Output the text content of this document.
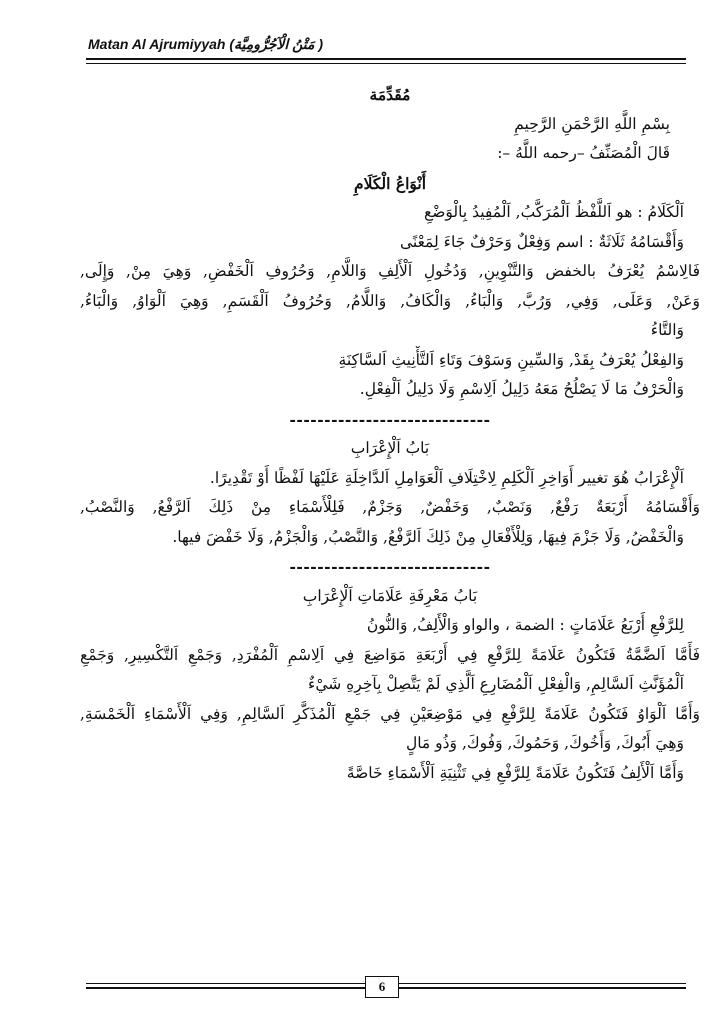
Matan Al Ajrumiyyah (مَتْنُ الْآجُرُّومِيَّة )
مُقَدِّمَة
بِسْمِ اللَّهِ الرَّحْمَنِ الرَّحِيمِ
قَالَ الْمُصَنِّفُ –رحمه اللَّهُ –:
أَنْوَاعُ الْكَلَامِ
اَلْكَلَامُ : هو اَللَّفْظُ اَلْمُرَكَّبُ, اَلْمُفِيدُ بِالْوَضْعِ
وَأَقْسَامُهُ ثَلَاثَةٌ : اسم وَفِعْلٌ وَحَرْفٌ جَاءَ لِمَعْنًى
فَالِاسْمُ يُعْرَفُ بالخفض وَالتَّنْوِينِ, وَدُخُولِ اَلْأَلِفِ وَاللَّامِ, وَحُرُوفِ اَلْخَفْضِ, وَهِيَ مِنْ, وَإِلَى,
وَعَنْ, وَعَلَى, وَفِي, وَرُبَّ, وَالْبَاءُ, وَالْكَافُ, وَاللَّامُ, وَحُرُوفُ اَلْقَسَمِ, وَهِيَ اَلْوَاوُ, وَالْبَاءُ,
وَالتَّاءُ
وَالفِعْلُ يُعْرَفُ بِقَدْ, وَالسِّينِ وَسَوْفَ وَتَاءِ اَلتَّأْنِيثِ اَلسَّاكِنَةِ
وَالْحَرْفُ مَا لَا يَصْلُحُ مَعَهُ دَلِيلُ اَلِاسْمِ وَلَا دَلِيلُ اَلْفِعْلِ.
-----------------------------
بَابُ اَلْإِعْرَابِ
اَلْإِعْرَابُ هُوَ تغيير أَوَاخِرِ اَلْكَلِمِ لِاخْتِلَافِ اَلْعَوَامِلِ اَلدَّاخِلَةِ عَلَيْهَا لَفْظًا أَوْ تَقْدِيرًا.
وَأَقْسَامُهُ أَرْبَعَةٌ رَفْعٌ, وَنَصْبٌ, وَخَفْضٌ, وَجَزْمٌ, فَلِلْأَسْمَاءِ مِنْ ذَلِكَ اَلرَّفْعُ, وَالنَّصْبُ,
وَالْخَفْضُ, وَلَا جَزْمَ فِيهَا, وَلِلْأَفْعَالِ مِنْ ذَلِكَ اَلرَّفْعُ, وَالنَّصْبُ, وَالْجَزْمُ, وَلَا خَفْضَ فيها.
-----------------------------
بَابُ مَعْرِفَةِ عَلَامَاتِ اَلْإِعْرَابِ
لِلرَّفْعِ أَرْبَعُ عَلَامَاتٍ : الضمة ، والواو وَالْأَلِفُ, وَالنُّونُ
فَأَمَّا اَلضَّمَّةُ فَتَكُونُ عَلَامَةً لِلرَّفْعِ فِي أَرْبَعَةِ مَوَاضِعَ فِي اَلِاسْمِ اَلْمُفْرَدِ, وَجَمْعِ اَلتَّكْسِيرِ, وَجَمْعِ
اَلْمُؤَنَّثِ اَلسَّالِمِ, وَالْفِعْلِ اَلْمُضَارِعِ اَلَّذِي لَمْ يَتَّصِلْ بِآخِرِهِ شَيْءٌ
وَأَمَّا اَلْوَاوُ فَتَكُونُ عَلَامَةً لِلرَّفْعِ فِي مَوْضِعَيْنِ فِي جَمْعِ اَلْمُذَكَّرِ اَلسَّالِمِ, وَفِي اَلْأَسْمَاءِ اَلْخَمْسَةِ,
وَهِيَ أَبُوكَ, وَأَخُوكَ, وَحَمُوكَ, وَفُوكَ, وَذُو مَالٍ
وَأَمَّا اَلْأَلِفُ فَتَكُونُ عَلَامَةً لِلرَّفْعِ فِي تَثْنِيَةِ اَلْأَسْمَاءِ خَاصَّةً
6
